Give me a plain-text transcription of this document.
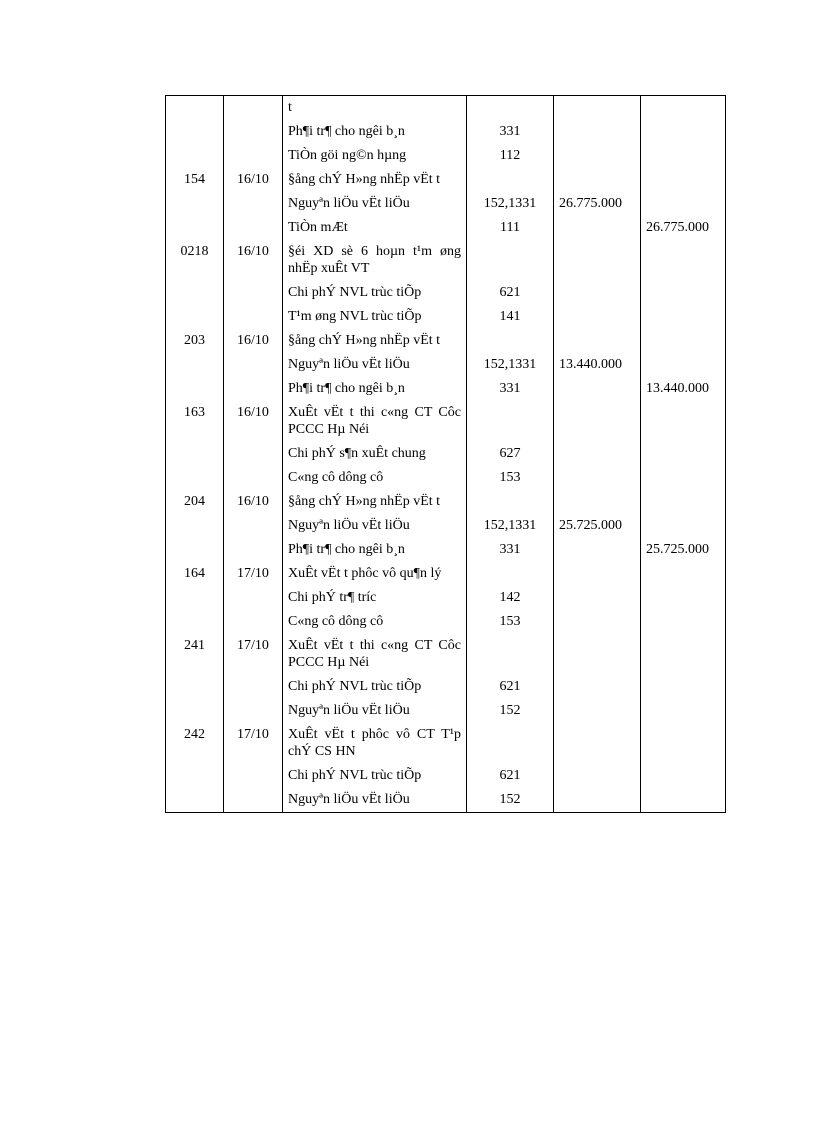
		t			
		Ph¶i tr¶ cho ngêi b¸n	331		
		TiÒn göi ng©n hµng	112		
154	16/10	§ång chÝ H»ng nhËp vËt t			
		Nguyªn liÖu vËt liÖu	152,1331	26.775.000	
		TiÒn mÆt	111		26.775.000
0218	16/10	§éi XD sè 6 hoµn t¹m øng nhËp xuÊt VT			
		Chi phÝ NVL trùc tiÕp	621		
		T¹m øng NVL trùc tiÕp	141		
203	16/10	§ång chÝ H»ng nhËp vËt t			
		Nguyªn liÖu vËt liÖu	152,1331	13.440.000	
		Ph¶i tr¶ cho ngêi b¸n	331		13.440.000
163	16/10	XuÊt vËt t thi c«ng CT Côc PCCC Hµ Néi			
		Chi phÝ s¶n xuÊt chung	627		
		C«ng cô dông cô	153		
204	16/10	§ång chÝ H»ng nhËp vËt t			
		Nguyªn liÖu vËt liÖu	152,1331	25.725.000	
		Ph¶i tr¶ cho ngêi b¸n	331		25.725.000
164	17/10	XuÊt vËt t phôc vô qu¶n lý			
		Chi phÝ tr¶ tríc	142		
		C«ng cô dông cô	153		
241	17/10	XuÊt vËt t thi c«ng CT Côc PCCC Hµ Néi			
		Chi phÝ NVL trùc tiÕp	621		
		Nguyªn liÖu vËt liÖu	152		
242	17/10	XuÊt vËt t phôc vô CT T¹p chÝ CS HN			
		Chi phÝ NVL trùc tiÕp	621		
		Nguyªn liÖu vËt liÖu	152		
